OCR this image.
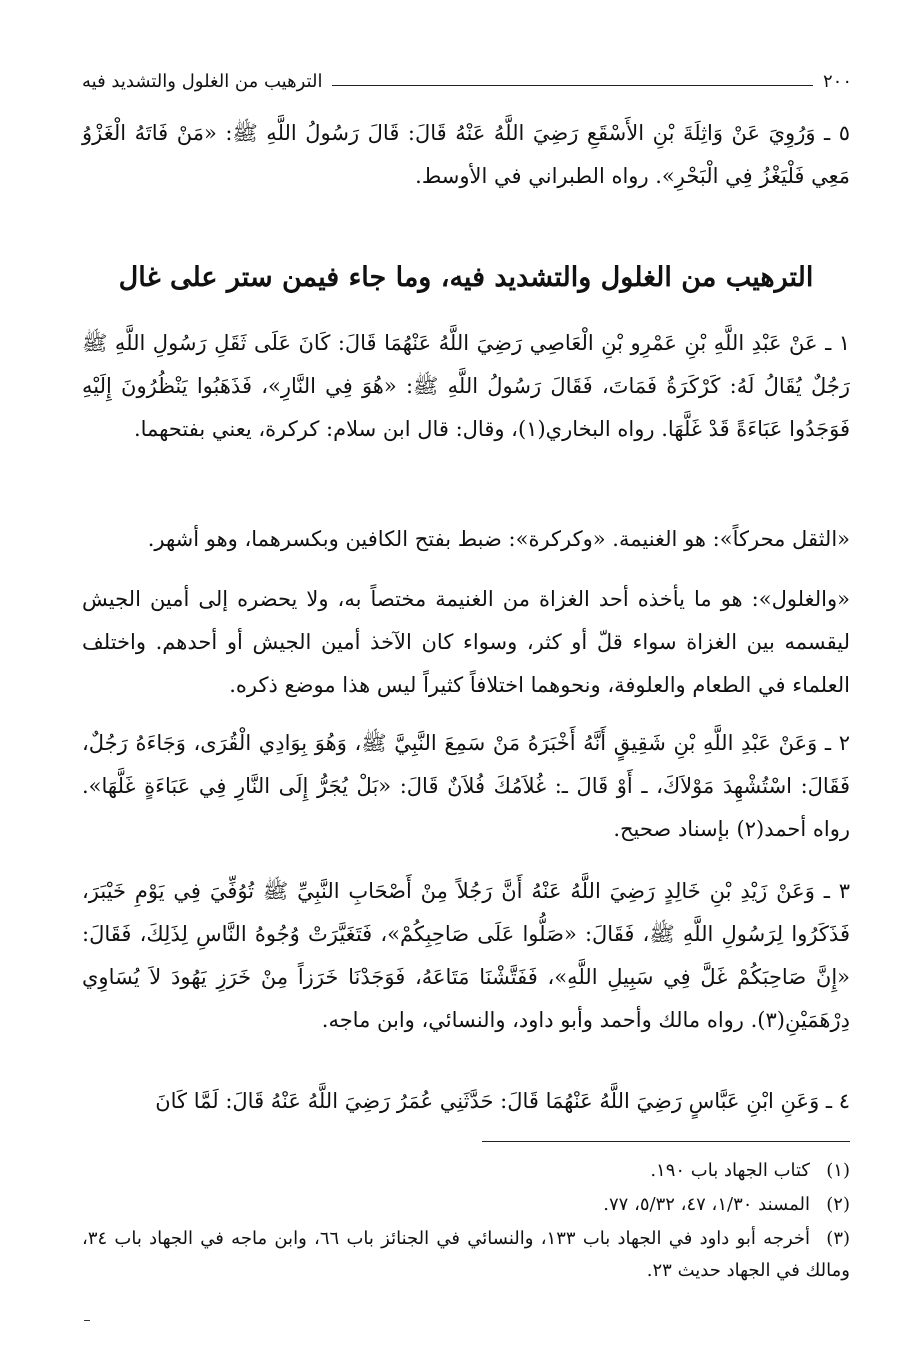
٢٠٠
الترهيب من الغلول والتشديد فيه

٥ ـ وَرُوِيَ عَنْ وَاثِلَةَ بْنِ الأَسْقَعِ رَضِيَ اللَّهُ عَنْهُ قَالَ: قَالَ رَسُولُ اللَّهِ ﷺ: «مَنْ فَاتَهُ الْغَزْوُ مَعِي فَلْيَغْزُ فِي الْبَحْرِ». رواه الطبراني في الأوسط.

الترهيب من الغلول والتشديد فيه، وما جاء فيمن ستر على غال

١ ـ عَنْ عَبْدِ اللَّهِ بْنِ عَمْرِو بْنِ الْعَاصِي رَضِيَ اللَّهُ عَنْهُمَا قَالَ: كَانَ عَلَى ثَقَلِ رَسُولِ اللَّهِ ﷺ رَجُلٌ يُقَالُ لَهُ: كَرْكَرَةُ فَمَاتَ، فَقَالَ رَسُولُ اللَّهِ ﷺ: «هُوَ فِي النَّارِ»، فَذَهَبُوا يَنْظُرُونَ إِلَيْهِ فَوَجَدُوا عَبَاءَةً قَدْ غَلَّهَا. رواه البخاري(١)، وقال: قال ابن سلام: كركرة، يعني بفتحهما.

«الثقل محركاً»: هو الغنيمة. «وكركرة»: ضبط بفتح الكافين وبكسرهما، وهو أشهر.

«والغلول»: هو ما يأخذه أحد الغزاة من الغنيمة مختصاً به، ولا يحضره إلى أمين الجيش ليقسمه بين الغزاة سواء قلّ أو كثر، وسواء كان الآخذ أمين الجيش أو أحدهم. واختلف العلماء في الطعام والعلوفة، ونحوهما اختلافاً كثيراً ليس هذا موضع ذكره.

٢ ـ وَعَنْ عَبْدِ اللَّهِ بْنِ شَقِيقٍ أَنَّهُ أَخْبَرَهُ مَنْ سَمِعَ النَّبِيَّ ﷺ، وَهُوَ بِوَادِي الْقُرَى، وَجَاءَهُ رَجُلٌ، فَقَالَ: اسْتُشْهِدَ مَوْلاَكَ، ـ أَوْ قَالَ ـ: غُلاَمُكَ فُلاَنٌ قَالَ: «بَلْ يُجَرُّ إِلَى النَّارِ فِي عَبَاءَةٍ غَلَّهَا». رواه أحمد(٢) بإسناد صحيح.

٣ ـ وَعَنْ زَيْدِ بْنِ خَالِدٍ رَضِيَ اللَّهُ عَنْهُ أَنَّ رَجُلاً مِنْ أَصْحَابِ النَّبِيِّ ﷺ تُوُفِّيَ فِي يَوْمِ خَيْبَرَ، فَذَكَرُوا لِرَسُولِ اللَّهِ ﷺ، فَقَالَ: «صَلُّوا عَلَى صَاحِبِكُمْ»، فَتَغَيَّرَتْ وُجُوهُ النَّاسِ لِذَلِكَ، فَقَالَ: «إِنَّ صَاحِبَكُمْ غَلَّ فِي سَبِيلِ اللَّهِ»، فَفَتَّشْنَا مَتَاعَهُ، فَوَجَدْنَا خَرَزاً مِنْ خَرَزِ يَهُودَ لاَ يُسَاوِي دِرْهَمَيْنِ(٣). رواه مالك وأحمد وأبو داود، والنسائي، وابن ماجه.

٤ ـ وَعَنِ ابْنِ عَبَّاسٍ رَضِيَ اللَّهُ عَنْهُمَا قَالَ: حَدَّثَنِي عُمَرُ رَضِيَ اللَّهُ عَنْهُ قَالَ: لَمَّا كَانَ

(١)كتاب الجهاد باب ١٩٠.

(٢)المسند ١/٣٠، ٤٧، ٥/٣٢، ٧٧.

(٣)أخرجه أبو داود في الجهاد باب ١٣٣، والنسائي في الجنائز باب ٦٦، وابن ماجه في الجهاد باب ٣٤، ومالك في الجهاد حديث ٢٣.
